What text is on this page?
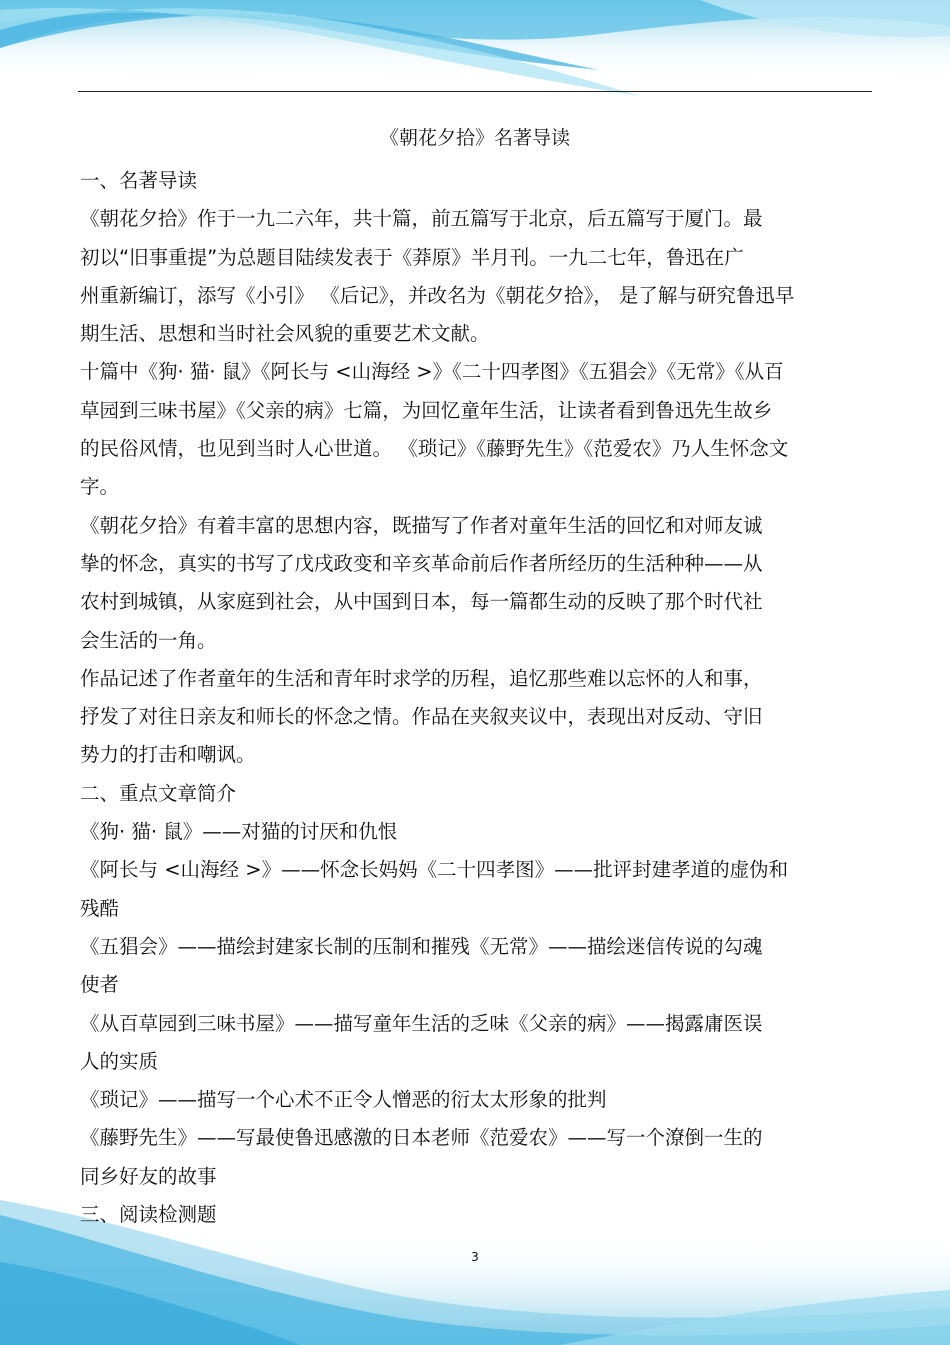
《朝花夕拾》名著导读
一、名著导读
《朝花夕拾》作于一九二六年，共十篇，前五篇写于北京，后五篇写于厦门。最
初以“旧事重提”为总题目陆续发表于《莽原》半月刊。一九二七年，鲁迅在广
州重新编订，添写《小引》 《后记》，并改名为《朝花夕拾》， 是了解与研究鲁迅早
期生活、思想和当时社会风貌的重要艺术文献。
十篇中《狗· 猫· 鼠》《阿长与 <山海经 >》《二十四孝图》《五猖会》《无常》《从百
草园到三味书屋》《父亲的病》七篇，为回忆童年生活，让读者看到鲁迅先生故乡
的民俗风情，也见到当时人心世道。 《琐记》《藤野先生》《范爱农》乃人生怀念文
字。
《朝花夕拾》有着丰富的思想内容，既描写了作者对童年生活的回忆和对师友诚
挚的怀念，真实的书写了戊戌政变和辛亥革命前后作者所经历的生活种种——从
农村到城镇，从家庭到社会，从中国到日本，每一篇都生动的反映了那个时代社
会生活的一角。
作品记述了作者童年的生活和青年时求学的历程，追忆那些难以忘怀的人和事，
抒发了对往日亲友和师长的怀念之情。作品在夹叙夹议中，表现出对反动、守旧
势力的打击和嘲讽。
二、重点文章简介
《狗· 猫· 鼠》——对猫的讨厌和仇恨
《阿长与 <山海经 >》——怀念长妈妈《二十四孝图》——批评封建孝道的虚伪和
残酷
《五猖会》——描绘封建家长制的压制和摧残《无常》——描绘迷信传说的勾魂
使者
《从百草园到三味书屋》——描写童年生活的乏味《父亲的病》——揭露庸医误
人的实质
《琐记》——描写一个心术不正令人憎恶的衍太太形象的批判
《藤野先生》——写最使鲁迅感激的日本老师《范爱农》——写一个潦倒一生的
同乡好友的故事
三、阅读检测题
3
